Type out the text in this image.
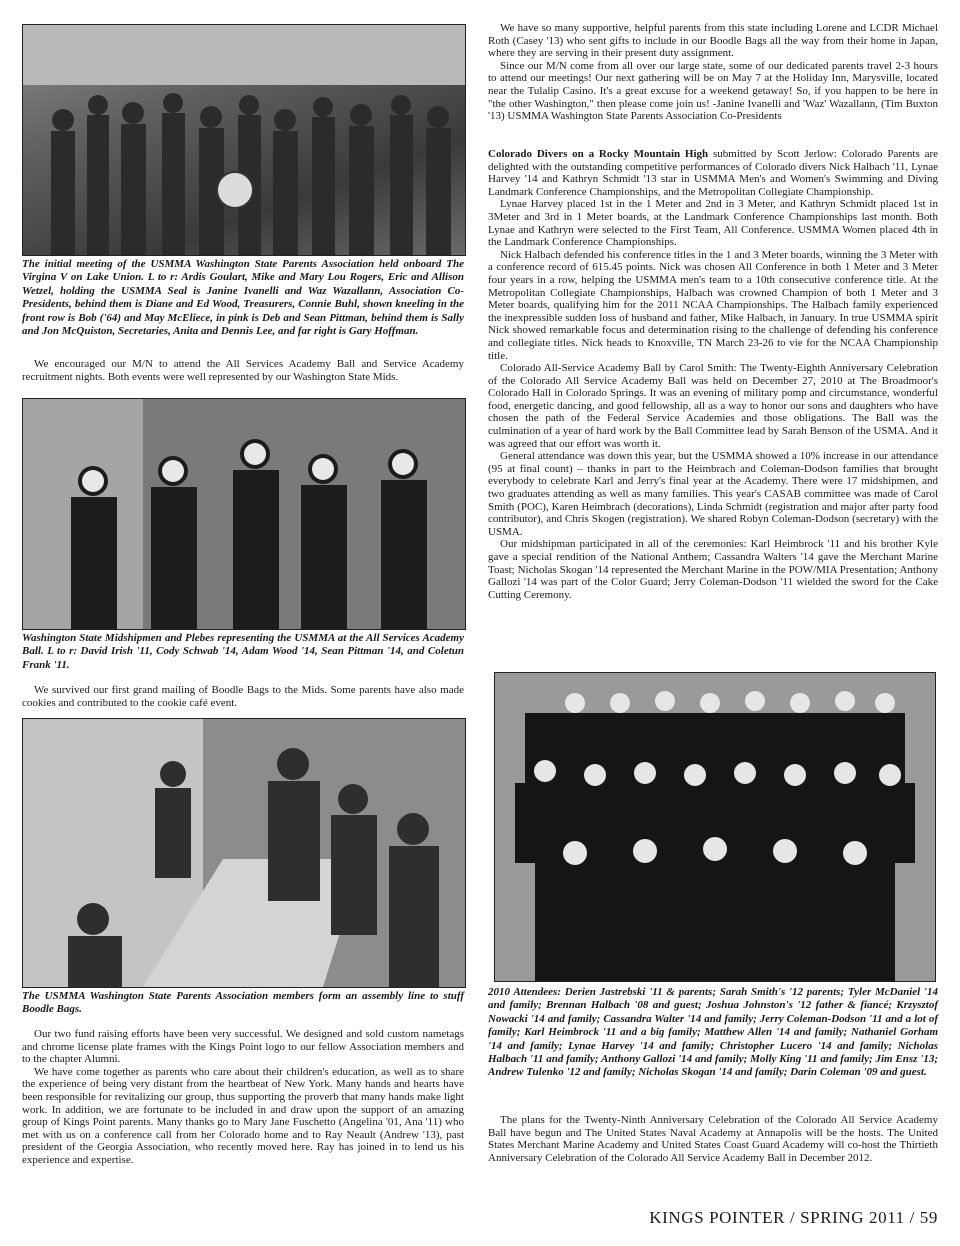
The initial meeting of the USMMA Washington State Parents Association held onboard The Virgina V on Lake Union. L to r: Ardis Goulart, Mike and Mary Lou Rogers, Eric and Allison Wetzel, holding the USMMA Seal is Janine Ivanelli and Waz Wazallann, Association Co-Presidents, behind them is Diane and Ed Wood, Treasurers, Connie Buhl, shown kneeling in the front row is Bob ('64) and May McEliece, in pink is Deb and Sean Pittman, behind them is Sally and Jon McQuiston, Secretaries, Anita and Dennis Lee, and far right is Gary Hoffman.

We encouraged our M/N to attend the All Services Academy Ball and Service Academy recruitment nights. Both events were well represented by our Washington State Mids.

Washington State Midshipmen and Plebes representing the USMMA at the All Services Academy Ball. L to r: David Irish '11, Cody Schwab '14, Adam Wood '14, Sean Pittman '14, and Coletun Frank '11.

We survived our first grand mailing of Boodle Bags to the Mids. Some parents have also made cookies and contributed to the cookie café event.

The USMMA Washington State Parents Association members form an assembly line to stuff Boodle Bags.

Our two fund raising efforts have been very successful. We designed and sold custom nametags and chrome license plate frames with the Kings Point logo to our fellow Association members and to the chapter Alumni.

We have come together as parents who care about their children's education, as well as to share the experience of being very distant from the heartbeat of New York. Many hands and hearts have been responsible for revitalizing our group, thus supporting the proverb that many hands make light work. In addition, we are fortunate to be included in and draw upon the support of an amazing group of Kings Point parents. Many thanks go to Mary Jane Fuschetto (Angelina '01, Ana '11) who met with us on a conference call from her Colorado home and to Ray Neault (Andrew '13), past president of the Georgia Association, who recently moved here. Ray has joined in to lend us his experience and expertise.

We have so many supportive, helpful parents from this state including Lorene and LCDR Michael Roth (Casey '13) who sent gifts to include in our Boodle Bags all the way from their home in Japan, where they are serving in their present duty assignment.

Since our M/N come from all over our large state, some of our dedicated parents travel 2-3 hours to attend our meetings! Our next gathering will be on May 7 at the Holiday Inn, Marysville, located near the Tulalip Casino. It's a great excuse for a weekend getaway! So, if you happen to be here in "the other Washington," then please come join us! -Janine Ivanelli and 'Waz' Wazallann, (Tim Buxton '13) USMMA Washington State Parents Association Co-Presidents

Colorado Divers on a Rocky Mountain High submitted by Scott Jerlow: Colorado Parents are delighted with the outstanding competitive performances of Colorado divers Nick Halbach '11, Lynae Harvey '14 and Kathryn Schmidt '13 star in USMMA Men's and Women's Swimming and Diving Landmark Conference Championships, and the Metropolitan Collegiate Championship.

Lynae Harvey placed 1st in the 1 Meter and 2nd in 3 Meter, and Kathryn Schmidt placed 1st in 3Meter and 3rd in 1 Meter boards, at the Landmark Conference Championships last month. Both Lynae and Kathryn were selected to the First Team, All Conference. USMMA Women placed 4th in the Landmark Conference Championships.

Nick Halbach defended his conference titles in the 1 and 3 Meter boards, winning the 3 Meter with a conference record of 615.45 points. Nick was chosen All Conference in both 1 Meter and 3 Meter four years in a row, helping the USMMA men's team to a 10th consecutive conference title. At the Metropolitan Collegiate Championships, Halbach was crowned Champion of both 1 Meter and 3 Meter boards, qualifying him for the 2011 NCAA Championships. The Halbach family experienced the inexpressible sudden loss of husband and father, Mike Halbach, in January. In true USMMA spirit Nick showed remarkable focus and determination rising to the challenge of defending his conference and collegiate titles. Nick heads to Knoxville, TN March 23-26 to vie for the NCAA Championship title.

Colorado All-Service Academy Ball by Carol Smith: The Twenty-Eighth Anniversary Celebration of the Colorado All Service Academy Ball was held on December 27, 2010 at The Broadmoor's Colorado Hall in Colorado Springs. It was an evening of military pomp and circumstance, wonderful food, energetic dancing, and good fellowship, all as a way to honor our sons and daughters who have chosen the path of the Federal Service Academies and those obligations. The Ball was the culmination of a year of hard work by the Ball Committee lead by Sarah Benson of the USMA. And it was agreed that our effort was worth it.

General attendance was down this year, but the USMMA showed a 10% increase in our attendance (95 at final count) – thanks in part to the Heimbrach and Coleman-Dodson families that brought everybody to celebrate Karl and Jerry's final year at the Academy. There were 17 midshipmen, and two graduates attending as well as many families. This year's CASAB committee was made of Carol Smith (POC), Karen Heimbrach (decorations), Linda Schmidt (registration and major after party food contributor), and Chris Skogen (registration). We shared Robyn Coleman-Dodson (secretary) with the USMA.

Our midshipman participated in all of the ceremonies: Karl Heimbrock '11 and his brother Kyle gave a special rendition of the National Anthem; Cassandra Walters '14 gave the Merchant Marine Toast; Nicholas Skogan '14 represented the Merchant Marine in the POW/MIA Presentation; Anthony Gallozi '14 was part of the Color Guard; Jerry Coleman-Dodson '11 wielded the sword for the Cake Cutting Ceremony.

2010 Attendees: Derien Jastrebski '11 & parents; Sarah Smith's '12 parents; Tyler McDaniel '14 and family; Brennan Halbach '08 and guest; Joshua Johnston's '12 father & fiancé; Krzysztof Nowacki '14 and family; Cassandra Walter '14 and family; Jerry Coleman-Dodson '11 and a lot of family; Karl Heimbrock '11 and a big family; Matthew Allen '14 and family; Nathaniel Gorham '14 and family; Lynae Harvey '14 and family; Christopher Lucero '14 and family; Nicholas Halbach '11 and family; Anthony Gallozi '14 and family; Molly King '11 and family; Jim Ensz '13; Andrew Tulenko '12 and family; Nicholas Skogan '14 and family; Darin Coleman '09 and guest.

The plans for the Twenty-Ninth Anniversary Celebration of the Colorado All Service Academy Ball have begun and The United States Naval Academy at Annapolis will be the hosts. The United States Merchant Marine Academy and United States Coast Guard Academy will co-host the Thirtieth Anniversary Celebration of the Colorado All Service Academy Ball in December 2012.

KINGS POINTER / SPRING 2011 / 59
